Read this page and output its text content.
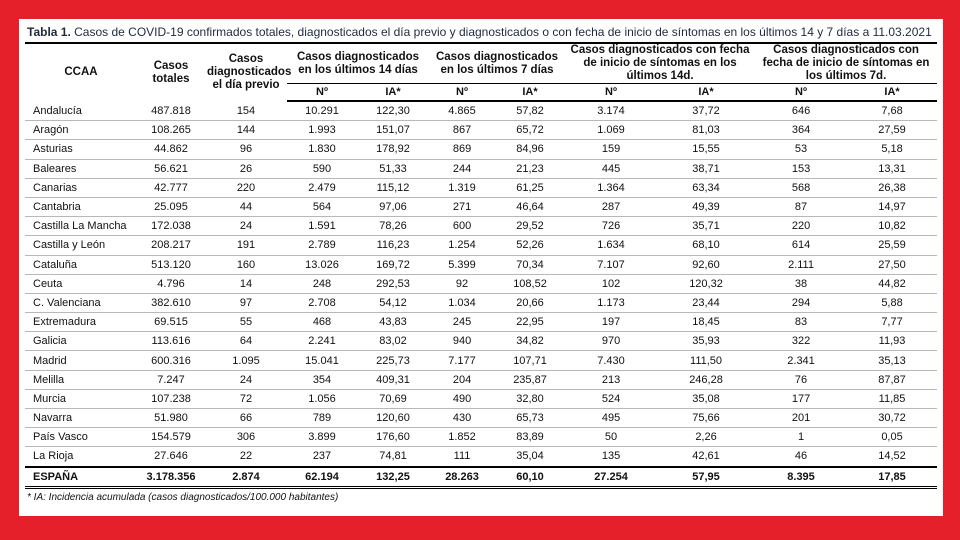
Tabla 1. Casos de COVID-19 confirmados totales, diagnosticados el día previo y diagnosticados o con fecha de inicio de síntomas en los últimos 14 y 7 días a 11.03.2021
CCAA	Casos totales	Casos diagnosticados el día previo	Casos diagnosticados en los últimos 14 días		Casos diagnosticados en los últimos 7 días		Casos diagnosticados con fecha de inicio de síntomas en los últimos 14d.		Casos diagnosticados con fecha de inicio de síntomas en los últimos 7d.	
			Nº	IA*	Nº	IA*	Nº	IA*	Nº	IA*
Andalucía	487.818	154	10.291	122,30	4.865	57,82	3.174	37,72	646	7,68
Aragón	108.265	144	1.993	151,07	867	65,72	1.069	81,03	364	27,59
Asturias	44.862	96	1.830	178,92	869	84,96	159	15,55	53	5,18
Baleares	56.621	26	590	51,33	244	21,23	445	38,71	153	13,31
Canarias	42.777	220	2.479	115,12	1.319	61,25	1.364	63,34	568	26,38
Cantabria	25.095	44	564	97,06	271	46,64	287	49,39	87	14,97
Castilla La Mancha	172.038	24	1.591	78,26	600	29,52	726	35,71	220	10,82
Castilla y León	208.217	191	2.789	116,23	1.254	52,26	1.634	68,10	614	25,59
Cataluña	513.120	160	13.026	169,72	5.399	70,34	7.107	92,60	2.111	27,50
Ceuta	4.796	14	248	292,53	92	108,52	102	120,32	38	44,82
C. Valenciana	382.610	97	2.708	54,12	1.034	20,66	1.173	23,44	294	5,88
Extremadura	69.515	55	468	43,83	245	22,95	197	18,45	83	7,77
Galicia	113.616	64	2.241	83,02	940	34,82	970	35,93	322	11,93
Madrid	600.316	1.095	15.041	225,73	7.177	107,71	7.430	111,50	2.341	35,13
Melilla	7.247	24	354	409,31	204	235,87	213	246,28	76	87,87
Murcia	107.238	72	1.056	70,69	490	32,80	524	35,08	177	11,85
Navarra	51.980	66	789	120,60	430	65,73	495	75,66	201	30,72
País Vasco	154.579	306	3.899	176,60	1.852	83,89	50	2,26	1	0,05
La Rioja	27.646	22	237	74,81	111	35,04	135	42,61	46	14,52
ESPAÑA	3.178.356	2.874	62.194	132,25	28.263	60,10	27.254	57,95	8.395	17,85
* IA: Incidencia acumulada (casos diagnosticados/100.000 habitantes)
